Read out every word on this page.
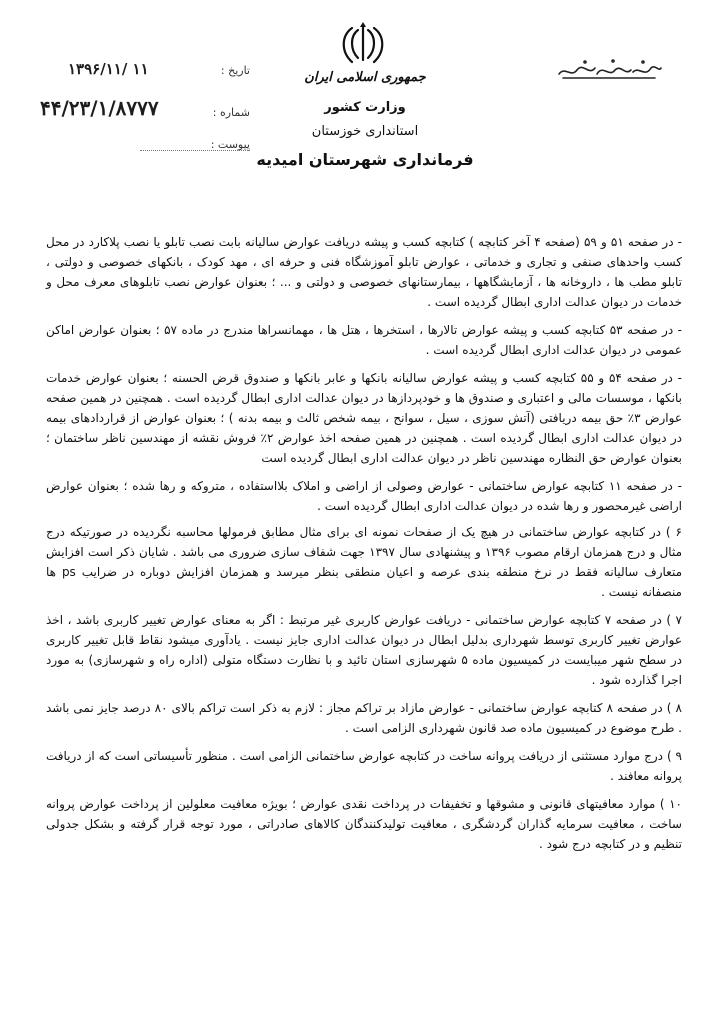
جمهوری اسلامی ایران
وزارت کشور
استانداری خوزستان
فرمانداری شهرستان امیدیه
تاریخ :
۱۳۹۶/۱۱/ ۱۱
شماره :
۴۴/۲۳/۱/۸۷۷۷
پیوست :

- در صفحه ۵۱ و ۵۹ (صفحه ۴ آخر کتابچه ) کتابچه کسب و پیشه دریافت عوارض سالیانه بابت نصب تابلو یا نصب پلاکارد در محل کسب واحدهای صنفی و تجاری و خدماتی ، عوارض تابلو آموزشگاه فنی و حرفه ای ، مهد کودک ، بانکهای خصوصی و دولتی ، تابلو مطب ها ، داروخانه ها ، آزمایشگاهها ، بیمارستانهای خصوصی و دولتی و ... ؛ بعنوان عوارض نصب تابلوهای معرف محل و خدمات در دیوان عدالت اداری ابطال گردیده است .

- در صفحه ۵۳ کتابچه کسب و پیشه عوارض تالارها ، استخرها ، هتل ها ، مهمانسراها مندرج در ماده ۵۷ ؛ بعنوان عوارض اماکن عمومی در دیوان عدالت اداری ابطال گردیده است .

- در صفحه ۵۴ و ۵۵ کتابچه کسب و پیشه عوارض سالیانه بانکها و عابر بانکها و صندوق قرض الحسنه ؛ بعنوان عوارض خدمات بانکها ، موسسات مالی و اعتباری و صندوق ها و خودپردازها در دیوان عدالت اداری ابطال گردیده است . همچنین در همین صفحه عوارض ۳٪ حق بیمه دریافتی (آتش سوزی ، سیل ، سوانح ، بیمه شخص ثالث و بیمه بدنه ) ؛ بعنوان عوارض از قراردادهای بیمه در دیوان عدالت اداری ابطال گردیده است . همچنین در همین صفحه اخذ عوارض ۲٪ فروش نقشه از مهندسین ناظر ساختمان ؛ بعنوان عوارض حق النظاره مهندسین ناظر در دیوان عدالت اداری ابطال گردیده است

- در صفحه ۱۱ کتابچه عوارض ساختمانی - عوارض وصولی از اراضی و املاک بلااستفاده ، متروکه و رها شده ؛ بعنوان عوارض اراضی غیرمحصور و رها شده در دیوان عدالت اداری ابطال گردیده است .

۶ ) در کتابچه عوارض ساختمانی در هیچ یک از صفحات نمونه ای برای مثال مطابق فرمولها محاسبه نگردیده در صورتیکه درج مثال و درج همزمان ارقام مصوب ۱۳۹۶ و پیشنهادی سال ۱۳۹۷ جهت شفاف سازی ضروری می باشد . شایان ذکر است افزایش متعارف سالیانه فقط در نرخ منطقه بندی عرصه و اعیان منطقی بنظر میرسد و همزمان افزایش دوباره در ضرایب ps ها منصفانه نیست .

۷ ) در صفحه ۷ کتابچه عوارض ساختمانی - دریافت عوارض کاربری غیر مرتبط : اگر به معنای عوارض تغییر کاربری باشد ، اخذ عوارض تغییر کاربری توسط شهرداری بدلیل ابطال در دیوان عدالت اداری جایز نیست . یادآوری میشود نقاط قابل تغییر کاربری در سطح شهر میبایست در کمیسیون ماده ۵ شهرسازی استان تائید و با نظارت دستگاه متولی (اداره راه و شهرسازی) به مورد اجرا گذارده شود .

۸ ) در صفحه ۸ کتابچه عوارض ساختمانی - عوارض مازاد بر تراکم مجاز : لازم به ذکر است تراکم بالای ۸۰ درصد جایز نمی باشد . طرح موضوع در کمیسیون ماده صد قانون شهرداری الزامی است .

۹ ) درج موارد مستثنی از دریافت پروانه ساخت در کتابچه عوارض ساختمانی الزامی است . منظور تأسیساتی است که از دریافت پروانه معافند .

۱۰ ) موارد معافیتهای قانونی و مشوقها و تخفیفات در پرداخت نقدی عوارض ؛ بویژه معافیت معلولین از پرداخت عوارض پروانه ساخت ، معافیت سرمایه گذاران گردشگری ، معافیت تولیدکنندگان کالاهای صادراتی ، مورد توجه قرار گرفته و بشکل جدولی تنظیم و در کتابچه درج شود .
